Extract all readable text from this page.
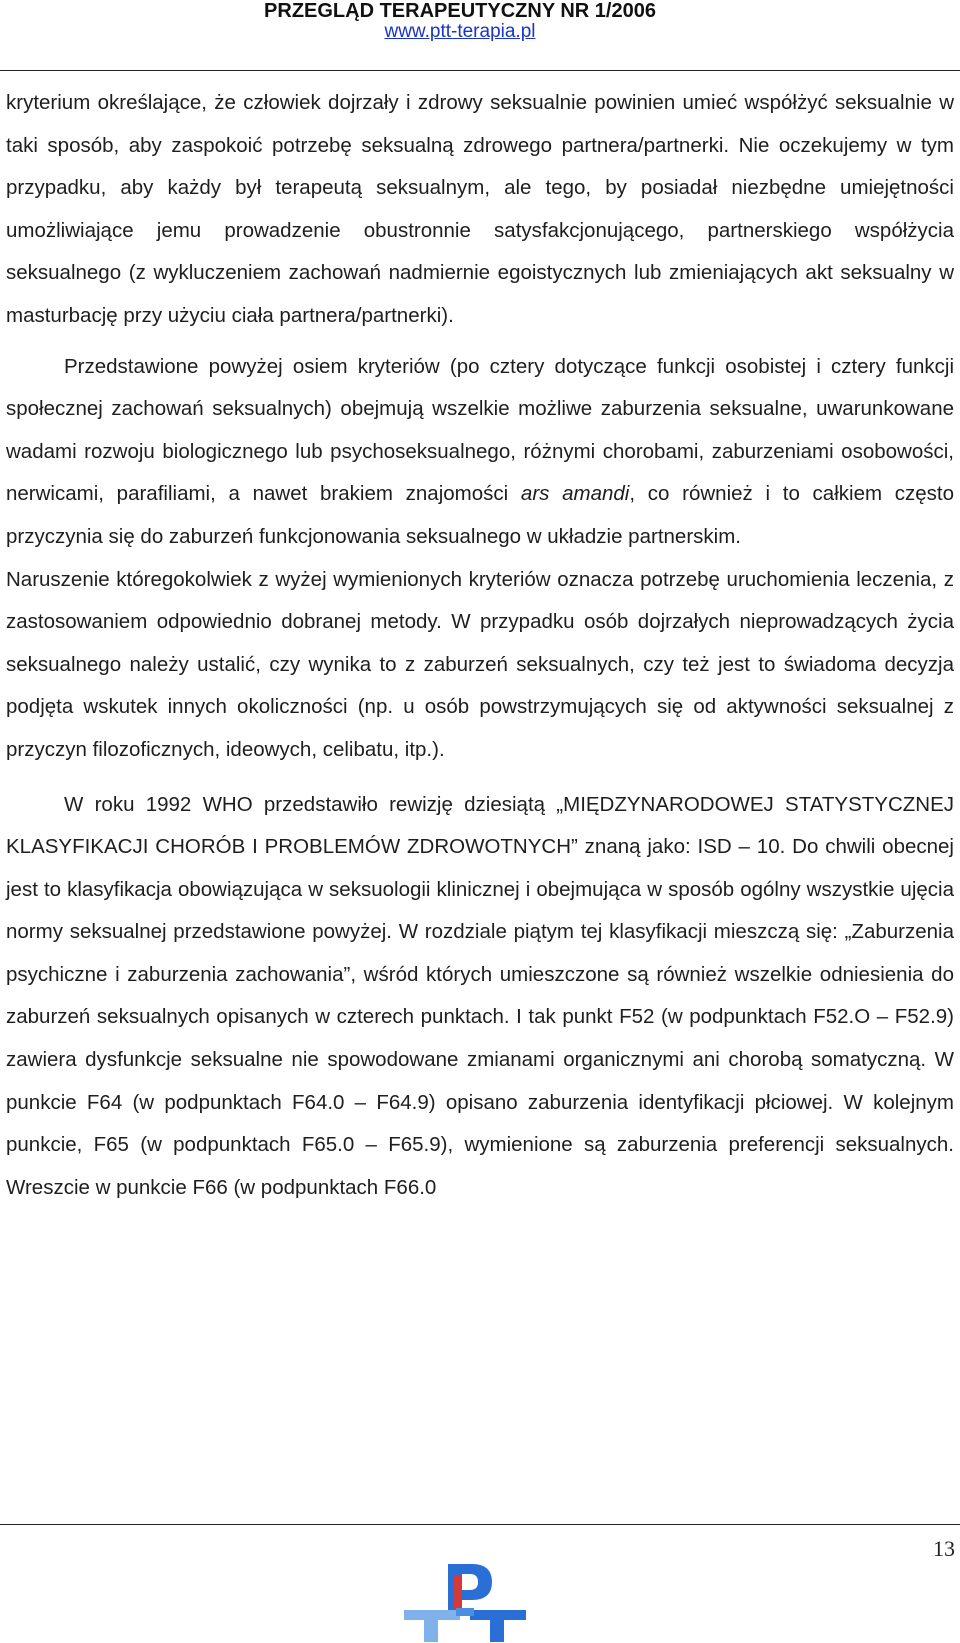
PRZEGLĄD TERAPEUTYCZNY NR 1/2006
www.ptt-terapia.pl

kryterium określające, że człowiek dojrzały i zdrowy seksualnie powinien umieć współżyć seksualnie w taki sposób, aby zaspokoić potrzebę seksualną zdrowego partnera/partnerki. Nie oczekujemy w tym przypadku, aby każdy był terapeutą seksualnym, ale tego, by posiadał niezbędne umiejętności umożliwiające jemu prowadzenie obustronnie satysfakcjonującego, partnerskiego współżycia seksualnego (z wykluczeniem zachowań nadmiernie egoistycznych lub zmieniających akt seksualny w masturbację przy użyciu ciała partnera/partnerki).

Przedstawione powyżej osiem kryteriów (po cztery dotyczące funkcji osobistej i cztery funkcji społecznej zachowań seksualnych) obejmują wszelkie możliwe zaburzenia seksualne, uwarunkowane wadami rozwoju biologicznego lub psychoseksualnego, różnymi chorobami, zaburzeniami osobowości, nerwicami, parafiliami, a nawet brakiem znajomości ars amandi, co również i to całkiem często przyczynia się do zaburzeń funkcjonowania seksualnego w układzie partnerskim.

Naruszenie któregokolwiek z wyżej wymienionych kryteriów oznacza potrzebę uruchomienia leczenia, z zastosowaniem odpowiednio dobranej metody. W przypadku osób dojrzałych nieprowadzących życia seksualnego należy ustalić, czy wynika to z zaburzeń seksualnych, czy też jest to świadoma decyzja podjęta wskutek innych okoliczności (np. u osób powstrzymujących się od aktywności seksualnej z przyczyn filozoficznych, ideowych, celibatu, itp.).

W roku 1992 WHO przedstawiło rewizję dziesiątą „MIĘDZYNARODOWEJ STATYSTYCZNEJ KLASYFIKACJI CHORÓB I PROBLEMÓW ZDROWOTNYCH” znaną jako: ISD – 10. Do chwili obecnej jest to klasyfikacja obowiązująca w seksuologii klinicznej i obejmująca w sposób ogólny wszystkie ujęcia normy seksualnej przedstawione powyżej. W rozdziale piątym tej klasyfikacji mieszczą się: „Zaburzenia psychiczne i zaburzenia zachowania”, wśród których umieszczone są również wszelkie odniesienia do zaburzeń seksualnych opisanych w czterech punktach. I tak punkt F52 (w podpunktach F52.O – F52.9) zawiera dysfunkcje seksualne nie spowodowane zmianami organicznymi ani chorobą somatyczną. W punkcie F64 (w podpunktach F64.0 – F64.9) opisano zaburzenia identyfikacji płciowej. W kolejnym punkcie, F65 (w podpunktach F65.0 – F65.9), wymienione są zaburzenia preferencji seksualnych. Wreszcie w punkcie F66 (w podpunktach F66.0

13
